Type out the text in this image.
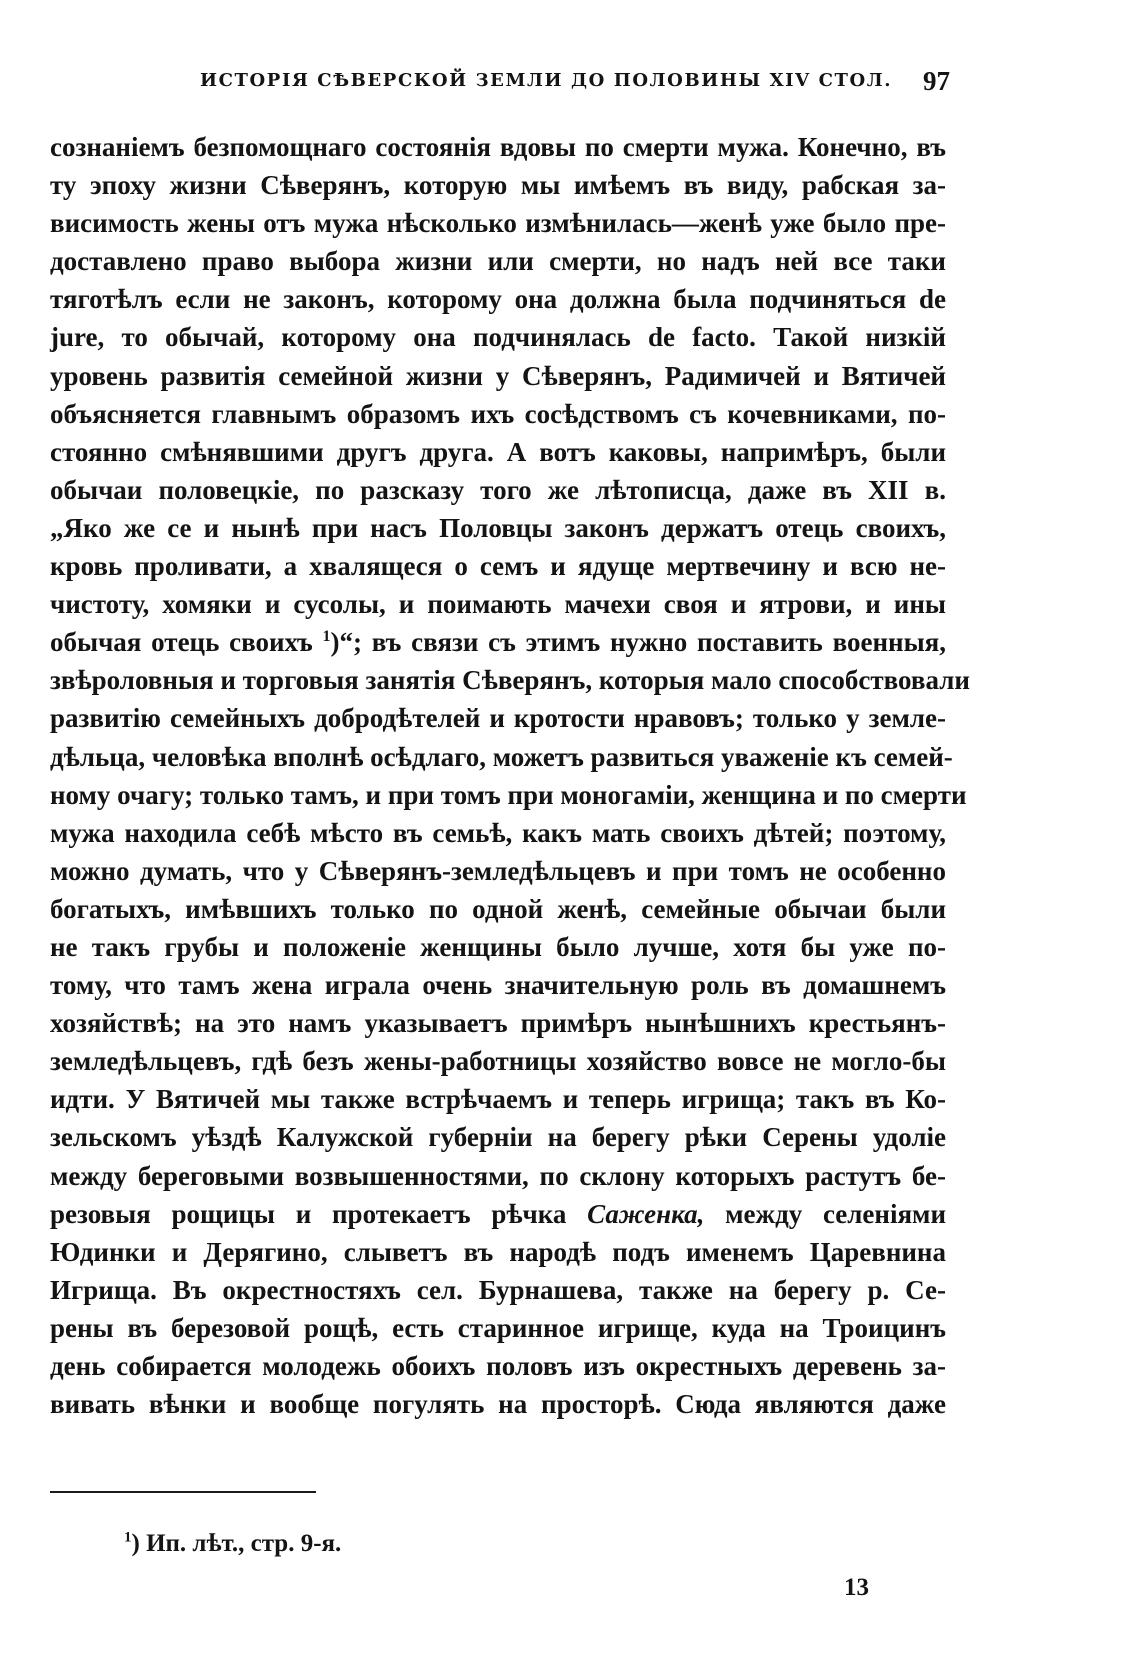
ИСТОРІЯ СѢВЕРСКОЙ ЗЕМЛИ ДО ПОЛОВИНЫ XIV СТОЛ. 97
сознаніемъ безпомощнаго состоянія вдовы по смерти мужа. Конечно, въ
ту эпоху жизни Сѣверянъ, которую мы имѣемъ въ виду, рабская за-
висимость жены отъ мужа нѣсколько измѣнилась—женѣ уже было пре-
доставлено право выбора жизни или смерти, но надъ ней все таки
тяготѣлъ если не законъ, которому она должна была подчиняться de
jure, то обычай, которому она подчинялась de facto. Такой низкій
уровень развитія семейной жизни у Сѣверянъ, Радимичей и Вятичей
объясняется главнымъ образомъ ихъ сосѣдствомъ съ кочевниками, по-
стоянно смѣнявшими другъ друга. А вотъ каковы, напримѣръ, были
обычаи половецкіе, по разсказу того же лѣтописца, даже въ XII в.
„Яко же се и нынѣ при насъ Половцы законъ держатъ отець своихъ,
кровь проливати, а хвалящеся о семъ и ядуще мертвечину и всю не-
чистоту, хомяки и сусолы, и поимають мачехи своя и ятрови, и ины
обычая отець своихъ $^1$)“; въ связи съ этимъ нужно поставить военныя,
звѣроловныя и торговыя занятія Сѣверянъ, которыя мало способствовали
развитію семейныхъ добродѣтелей и кротости нравовъ; только у земле-
дѣльца, человѣка вполнѣ осѣдлаго, можетъ развиться уваженіе къ семей-
ному очагу; только тамъ, и при томъ при моногаміи, женщина и по смерти
мужа находила себѣ мѣсто въ семьѣ, какъ мать своихъ дѣтей; поэтому,
можно думать, что у Сѣверянъ-земледѣльцевъ и при томъ не особенно
богатыхъ, имѣвшихъ только по одной женѣ, семейные обычаи были
не такъ грубы и положеніе женщины было лучше, хотя бы уже по-
тому, что тамъ жена играла очень значительную роль въ домашнемъ
хозяйствѣ; на это намъ указываетъ примѣръ нынѣшнихъ крестьянъ-
земледѣльцевъ, гдѣ безъ жены-работницы хозяйство вовсе не могло-бы
идти. У Вятичей мы также встрѣчаемъ и теперь игрища; такъ въ Ко-
зельскомъ уѣздѣ Калужской губерніи на берегу рѣки Серены удоліе
между береговыми возвышенностями, по склону которыхъ растутъ бе-
резовыя рощицы и протекаетъ рѣчка Саженка, между селеніями
Юдинки и Дерягино, слыветъ въ народѣ подъ именемъ Царевнина
Игрища. Въ окрестностяхъ сел. Бурнашева, также на берегу р. Се-
рены въ березовой рощѣ, есть старинное игрище, куда на Троицинъ
день собирается молодежь обоихъ половъ изъ окрестныхъ деревень за-
вивать вѣнки и вообще погулять на просторѣ. Сюда являются даже
$^1$) Ип. лѣт., стр. 9-я.
13
